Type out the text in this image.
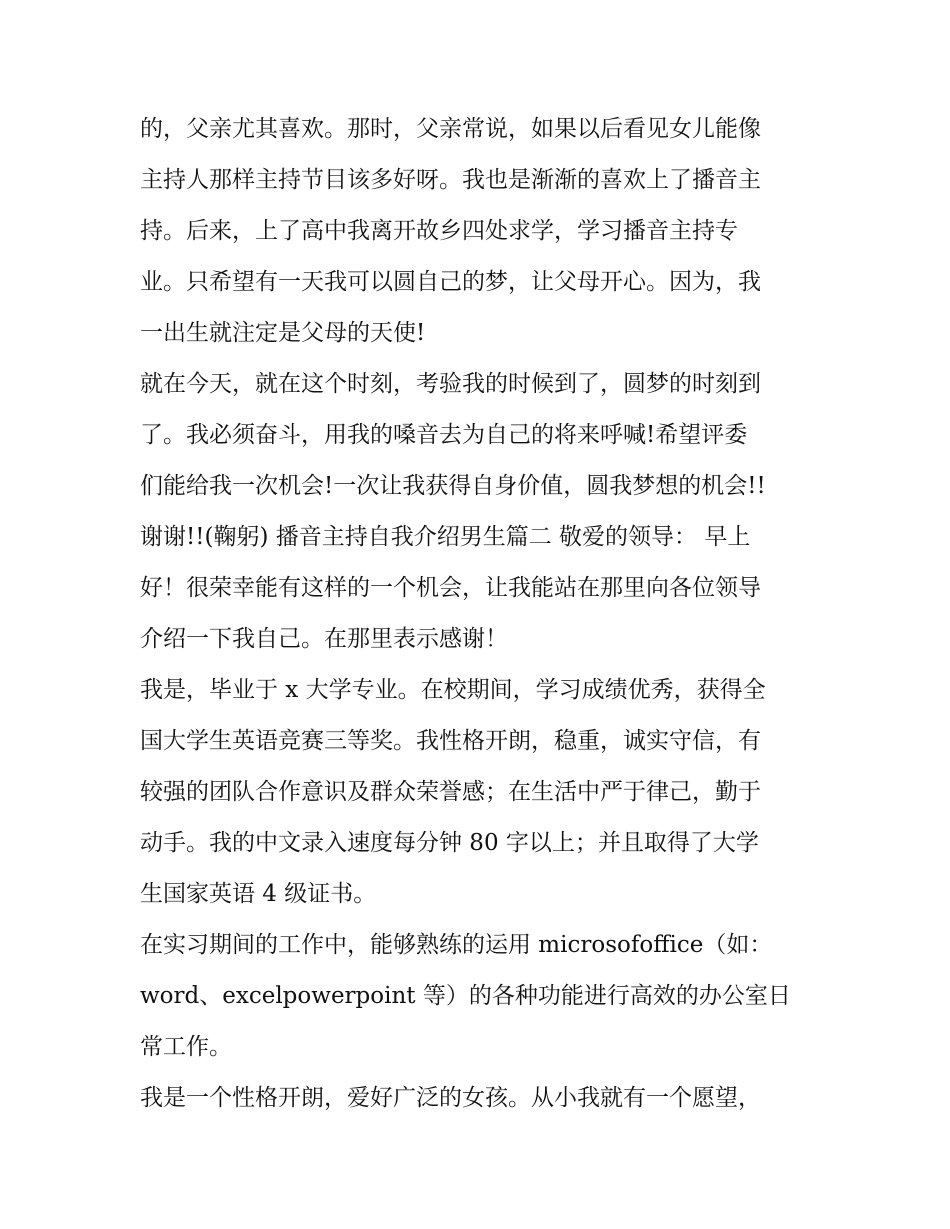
的，父亲尤其喜欢。那时，父亲常说，如果以后看见女儿能像
主持人那样主持节目该多好呀。我也是渐渐的喜欢上了播音主
持。后来，上了高中我离开故乡四处求学，学习播音主持专
业。只希望有一天我可以圆自己的梦，让父母开心。因为，我
一出生就注定是父母的天使!
就在今天，就在这个时刻，考验我的时候到了，圆梦的时刻到
了。我必须奋斗，用我的嗓音去为自己的将来呼喊!希望评委
们能给我一次机会!一次让我获得自身价值，圆我梦想的机会!!
谢谢!!(鞠躬) 播音主持自我介绍男生篇二 敬爱的领导： 早上
好！很荣幸能有这样的一个机会，让我能站在那里向各位领导
介绍一下我自己。在那里表示感谢！
我是，毕业于 x 大学专业。在校期间，学习成绩优秀，获得全
国大学生英语竞赛三等奖。我性格开朗，稳重，诚实守信，有
较强的团队合作意识及群众荣誉感；在生活中严于律己，勤于
动手。我的中文录入速度每分钟 80 字以上；并且取得了大学
生国家英语 4 级证书。
在实习期间的工作中，能够熟练的运用 microsofoffice（如：
word、excelpowerpoint 等）的各种功能进行高效的办公室日
常工作。
我是一个性格开朗，爱好广泛的女孩。从小我就有一个愿望，
